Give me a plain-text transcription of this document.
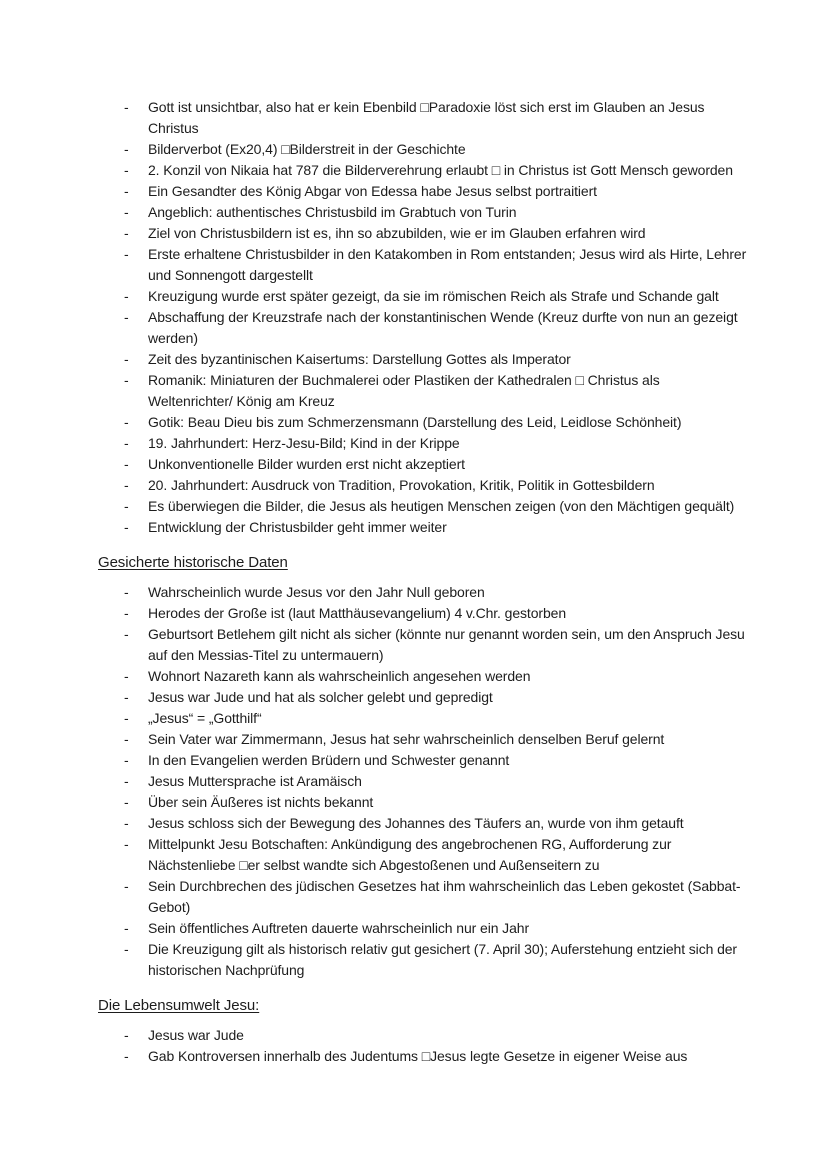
-	Gott ist unsichtbar, also hat er kein Ebenbild □Paradoxie löst sich erst im Glauben an Jesus Christus
-	Bilderverbot (Ex20,4) □Bilderstreit in der Geschichte
-	2. Konzil von Nikaia hat 787 die Bilderverehrung erlaubt □ in Christus ist Gott Mensch geworden
-	Ein Gesandter des König Abgar von Edessa habe Jesus selbst portraitiert
-	Angeblich: authentisches Christusbild im Grabtuch von Turin
-	Ziel von Christusbildern ist es, ihn so abzubilden, wie er im Glauben erfahren wird
-	Erste erhaltene Christusbilder in den Katakomben in Rom entstanden; Jesus wird als Hirte, Lehrer und Sonnengott dargestellt
-	Kreuzigung wurde erst später gezeigt, da sie im römischen Reich als Strafe und Schande galt
-	Abschaffung der Kreuzstrafe nach der konstantinischen Wende (Kreuz durfte von nun an gezeigt werden)
-	Zeit des byzantinischen Kaisertums: Darstellung Gottes als Imperator
-	Romanik: Miniaturen der Buchmalerei oder Plastiken der Kathedralen □ Christus als Weltenrichter/ König am Kreuz
-	Gotik: Beau Dieu bis zum Schmerzensmann (Darstellung des Leid, Leidlose Schönheit)
-	19. Jahrhundert: Herz-Jesu-Bild; Kind in der Krippe
-	Unkonventionelle Bilder wurden erst nicht akzeptiert
-	20. Jahrhundert: Ausdruck von Tradition, Provokation, Kritik, Politik in Gottesbildern
-	Es überwiegen die Bilder, die Jesus als heutigen Menschen zeigen (von den Mächtigen gequält)
-	Entwicklung der Christusbilder geht immer weiter
Gesicherte historische Daten
-	Wahrscheinlich wurde Jesus vor den Jahr Null geboren
-	Herodes der Große ist (laut Matthäusevangelium) 4 v.Chr. gestorben
-	Geburtsort Betlehem gilt nicht als sicher (könnte nur genannt worden sein, um den Anspruch Jesu auf den Messias-Titel zu untermauern)
-	Wohnort Nazareth kann als wahrscheinlich angesehen werden
-	Jesus war Jude und hat als solcher gelebt und gepredigt
-	„Jesus“ = „Gotthilf“
-	Sein Vater war Zimmermann, Jesus hat sehr wahrscheinlich denselben Beruf gelernt
-	In den Evangelien werden Brüdern und Schwester genannt
-	Jesus Muttersprache ist Aramäisch
-	Über sein Äußeres ist nichts bekannt
-	Jesus schloss sich der Bewegung des Johannes des Täufers an, wurde von ihm getauft
-	Mittelpunkt Jesu Botschaften: Ankündigung des angebrochenen RG, Aufforderung zur Nächstenliebe □er selbst wandte sich Abgestoßenen und Außenseitern zu
-	Sein Durchbrechen des jüdischen Gesetzes hat ihm wahrscheinlich das Leben gekostet (Sabbat-Gebot)
-	Sein öffentliches Auftreten dauerte wahrscheinlich nur ein Jahr
-	Die Kreuzigung gilt als historisch relativ gut gesichert (7. April 30); Auferstehung entzieht sich der historischen Nachprüfung
Die Lebensumwelt Jesu:
-	Jesus war Jude
-	Gab Kontroversen innerhalb des Judentums □Jesus legte Gesetze in eigener Weise aus
